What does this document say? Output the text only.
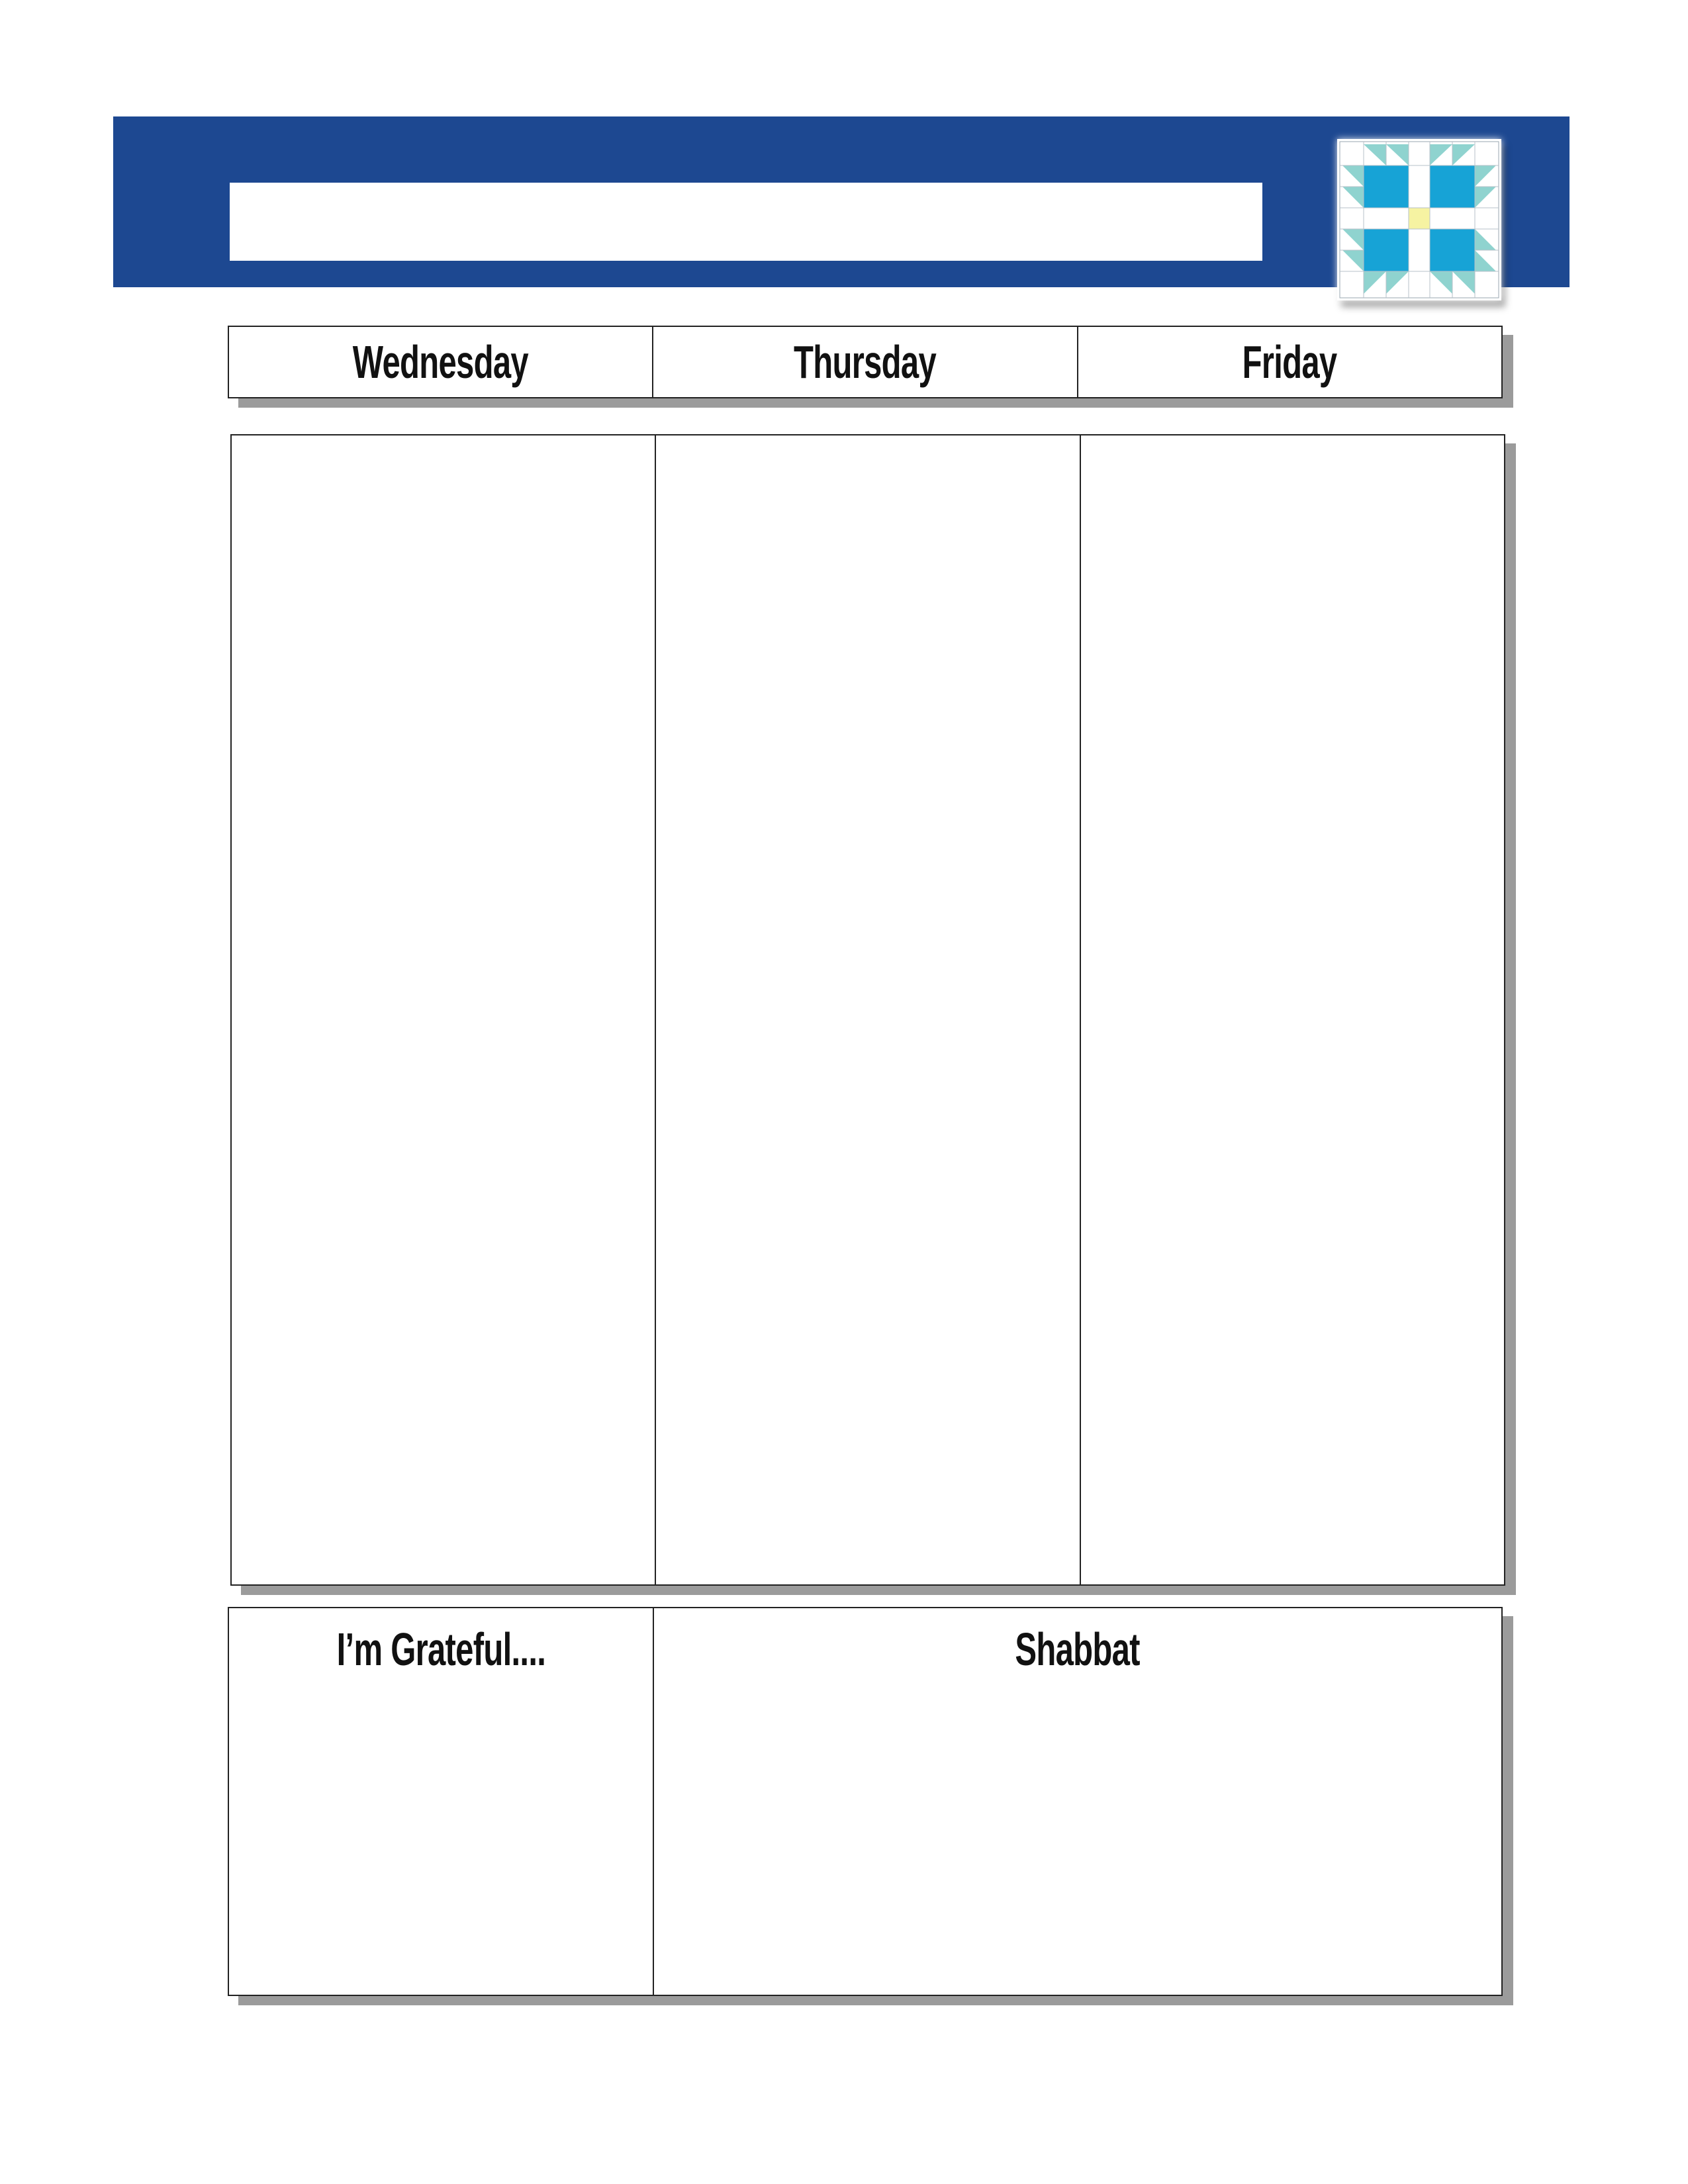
Wednesday	Thursday	Friday
I’m Grateful....	Shabbat
